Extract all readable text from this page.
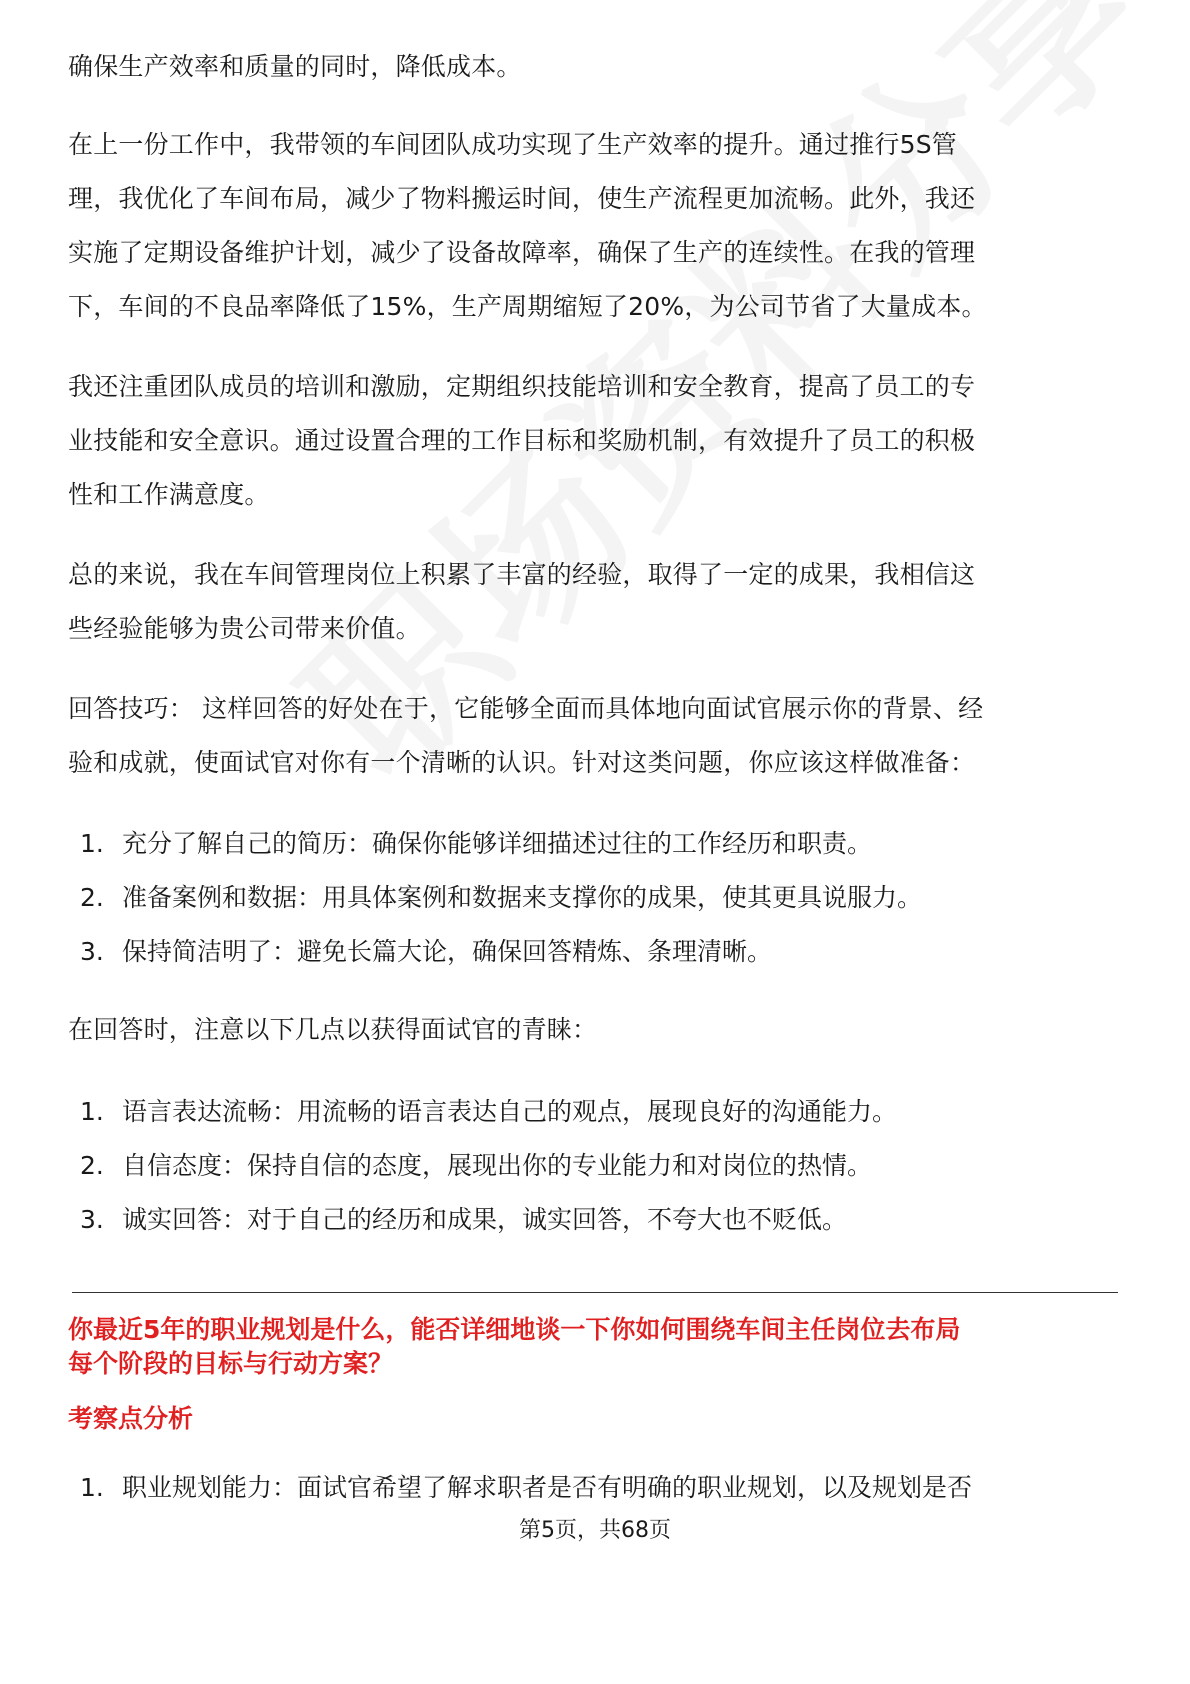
确保生产效率和质量的同时，降低成本。

在上一份工作中，我带领的车间团队成功实现了生产效率的提升。通过推行5S管

理，我优化了车间布局，减少了物料搬运时间，使生产流程更加流畅。此外，我还

实施了定期设备维护计划，减少了设备故障率，确保了生产的连续性。在我的管理

下，车间的不良品率降低了15%，生产周期缩短了20%，为公司节省了大量成本。

我还注重团队成员的培训和激励，定期组织技能培训和安全教育，提高了员工的专

业技能和安全意识。通过设置合理的工作目标和奖励机制，有效提升了员工的积极

性和工作满意度。

总的来说，我在车间管理岗位上积累了丰富的经验，取得了一定的成果，我相信这

些经验能够为贵公司带来价值。

回答技巧： 这样回答的好处在于，它能够全面而具体地向面试官展示你的背景、经

验和成就，使面试官对你有一个清晰的认识。针对这类问题，你应该这样做准备：

1. 充分了解自己的简历：确保你能够详细描述过往的工作经历和职责。
2. 准备案例和数据：用具体案例和数据来支撑你的成果，使其更具说服力。
3. 保持简洁明了：避免长篇大论，确保回答精炼、条理清晰。

在回答时，注意以下几点以获得面试官的青睐：

1. 语言表达流畅：用流畅的语言表达自己的观点，展现良好的沟通能力。
2. 自信态度：保持自信的态度，展现出你的专业能力和对岗位的热情。
3. 诚实回答：对于自己的经历和成果，诚实回答，不夸大也不贬低。

你最近5年的职业规划是什么，能否详细地谈一下你如何围绕车间主任岗位去布局

每个阶段的目标与行动方案？

考察点分析

1. 职业规划能力：面试官希望了解求职者是否有明确的职业规划，以及规划是否
第5页，共68页
